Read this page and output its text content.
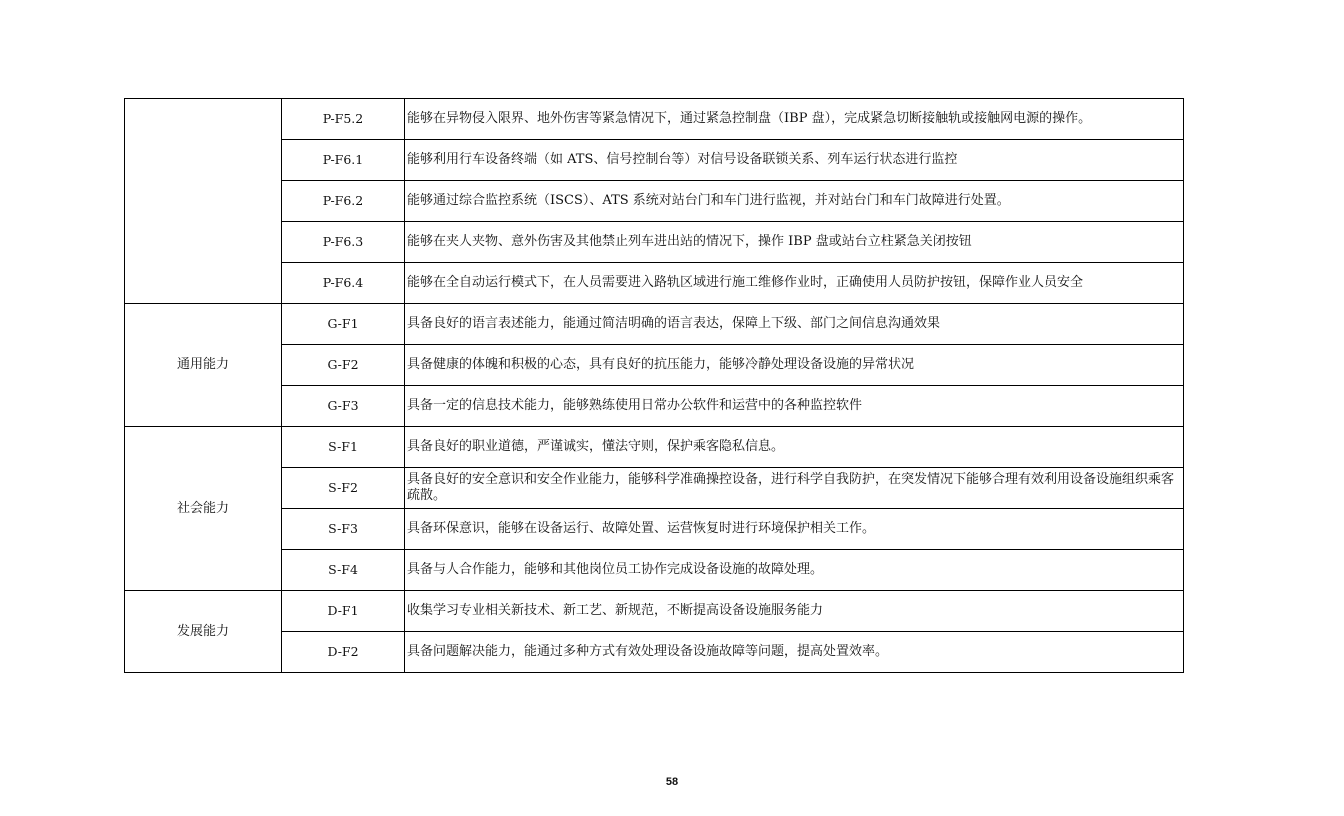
	P-F5.2	能够在异物侵入限界、地外伤害等紧急情况下，通过紧急控制盘（IBP 盘），完成紧急切断接触轨或接触网电源的操作。
	P-F6.1	能够利用行车设备终端（如 ATS、信号控制台等）对信号设备联锁关系、列车运行状态进行监控
	P-F6.2	能够通过综合监控系统（ISCS）、ATS 系统对站台门和车门进行监视，并对站台门和车门故障进行处置。
	P-F6.3	能够在夹人夹物、意外伤害及其他禁止列车进出站的情况下，操作 IBP 盘或站台立柱紧急关闭按钮
	P-F6.4	能够在全自动运行模式下，在人员需要进入路轨区域进行施工维修作业时，正确使用人员防护按钮，保障作业人员安全
通用能力	G-F1	具备良好的语言表述能力，能通过简洁明确的语言表达，保障上下级、部门之间信息沟通效果
	G-F2	具备健康的体魄和积极的心态，具有良好的抗压能力，能够冷静处理设备设施的异常状况
	G-F3	具备一定的信息技术能力，能够熟练使用日常办公软件和运营中的各种监控软件
社会能力	S-F1	具备良好的职业道德，严谨诚实，懂法守则，保护乘客隐私信息。
	S-F2	具备良好的安全意识和安全作业能力，能够科学准确操控设备，进行科学自我防护，在突发情况下能够合理有效利用设备设施组织乘客疏散。
	S-F3	具备环保意识，能够在设备运行、故障处置、运营恢复时进行环境保护相关工作。
	S-F4	具备与人合作能力，能够和其他岗位员工协作完成设备设施的故障处理。
发展能力	D-F1	收集学习专业相关新技术、新工艺、新规范，不断提高设备设施服务能力
	D-F2	具备问题解决能力，能通过多种方式有效处理设备设施故障等问题，提高处置效率。
58
